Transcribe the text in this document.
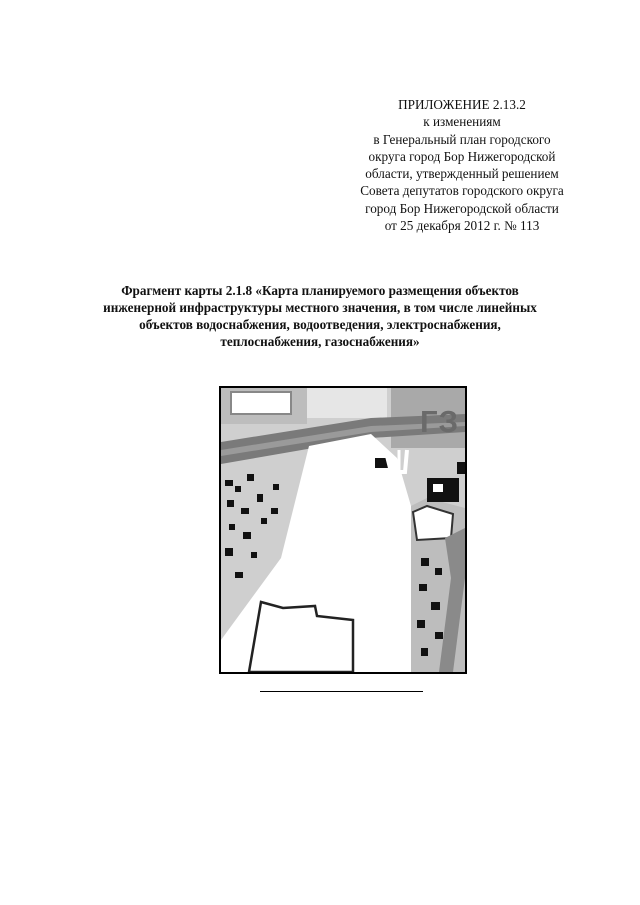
ПРИЛОЖЕНИЕ 2.13.2
к изменениям
в Генеральный план городского
округа город Бор Нижегородской
области, утвержденный решением
Совета депутатов городского округа
город Бор Нижегородской области
от 25 декабря 2012 г. № 113
Фрагмент карты 2.1.8 «Карта планируемого размещения объектов
инженерной инфраструктуры местного значения, в том числе линейных
объектов водоснабжения, водоотведения, электроснабжения,
теплоснабжения, газоснабжения»
ГЗ
